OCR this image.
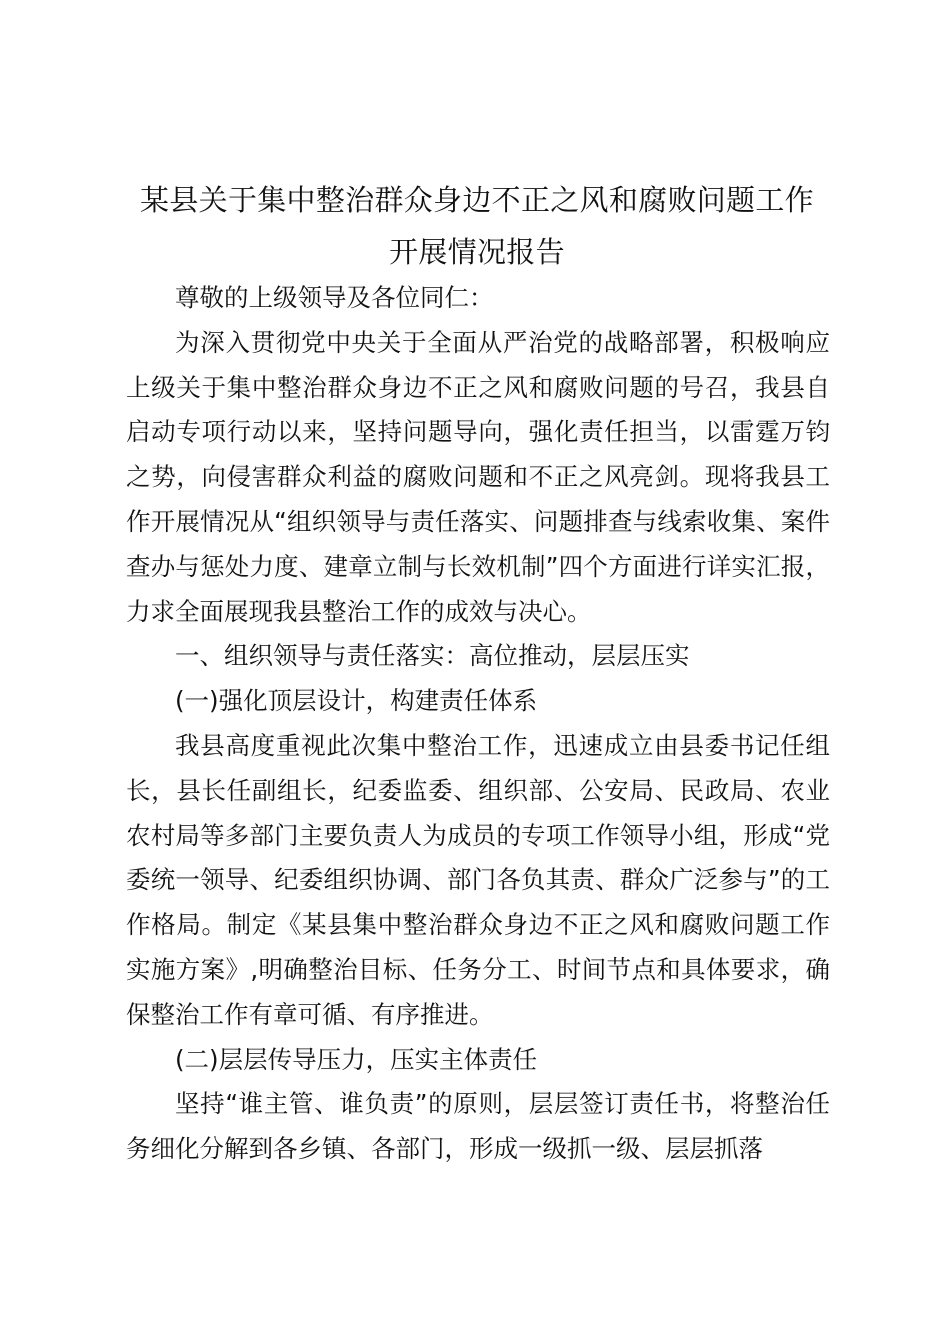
某县关于集中整治群众身边不正之风和腐败问题工作开展情况报告

尊敬的上级领导及各位同仁：

为深入贯彻党中央关于全面从严治党的战略部署，积极响应上级关于集中整治群众身边不正之风和腐败问题的号召，我县自启动专项行动以来，坚持问题导向，强化责任担当，以雷霆万钧之势，向侵害群众利益的腐败问题和不正之风亮剑。现将我县工作开展情况从“组织领导与责任落实、问题排查与线索收集、案件查办与惩处力度、建章立制与长效机制”四个方面进行详实汇报，力求全面展现我县整治工作的成效与决心。

一、组织领导与责任落实：高位推动，层层压实

(一)强化顶层设计，构建责任体系

我县高度重视此次集中整治工作，迅速成立由县委书记任组长，县长任副组长，纪委监委、组织部、公安局、民政局、农业农村局等多部门主要负责人为成员的专项工作领导小组，形成“党委统一领导、纪委组织协调、部门各负其责、群众广泛参与”的工作格局。制定《某县集中整治群众身边不正之风和腐败问题工作实施方案》,明确整治目标、任务分工、时间节点和具体要求，确保整治工作有章可循、有序推进。

(二)层层传导压力，压实主体责任

坚持“谁主管、谁负责”的原则，层层签订责任书，将整治任务细化分解到各乡镇、各部门，形成一级抓一级、层层抓落
